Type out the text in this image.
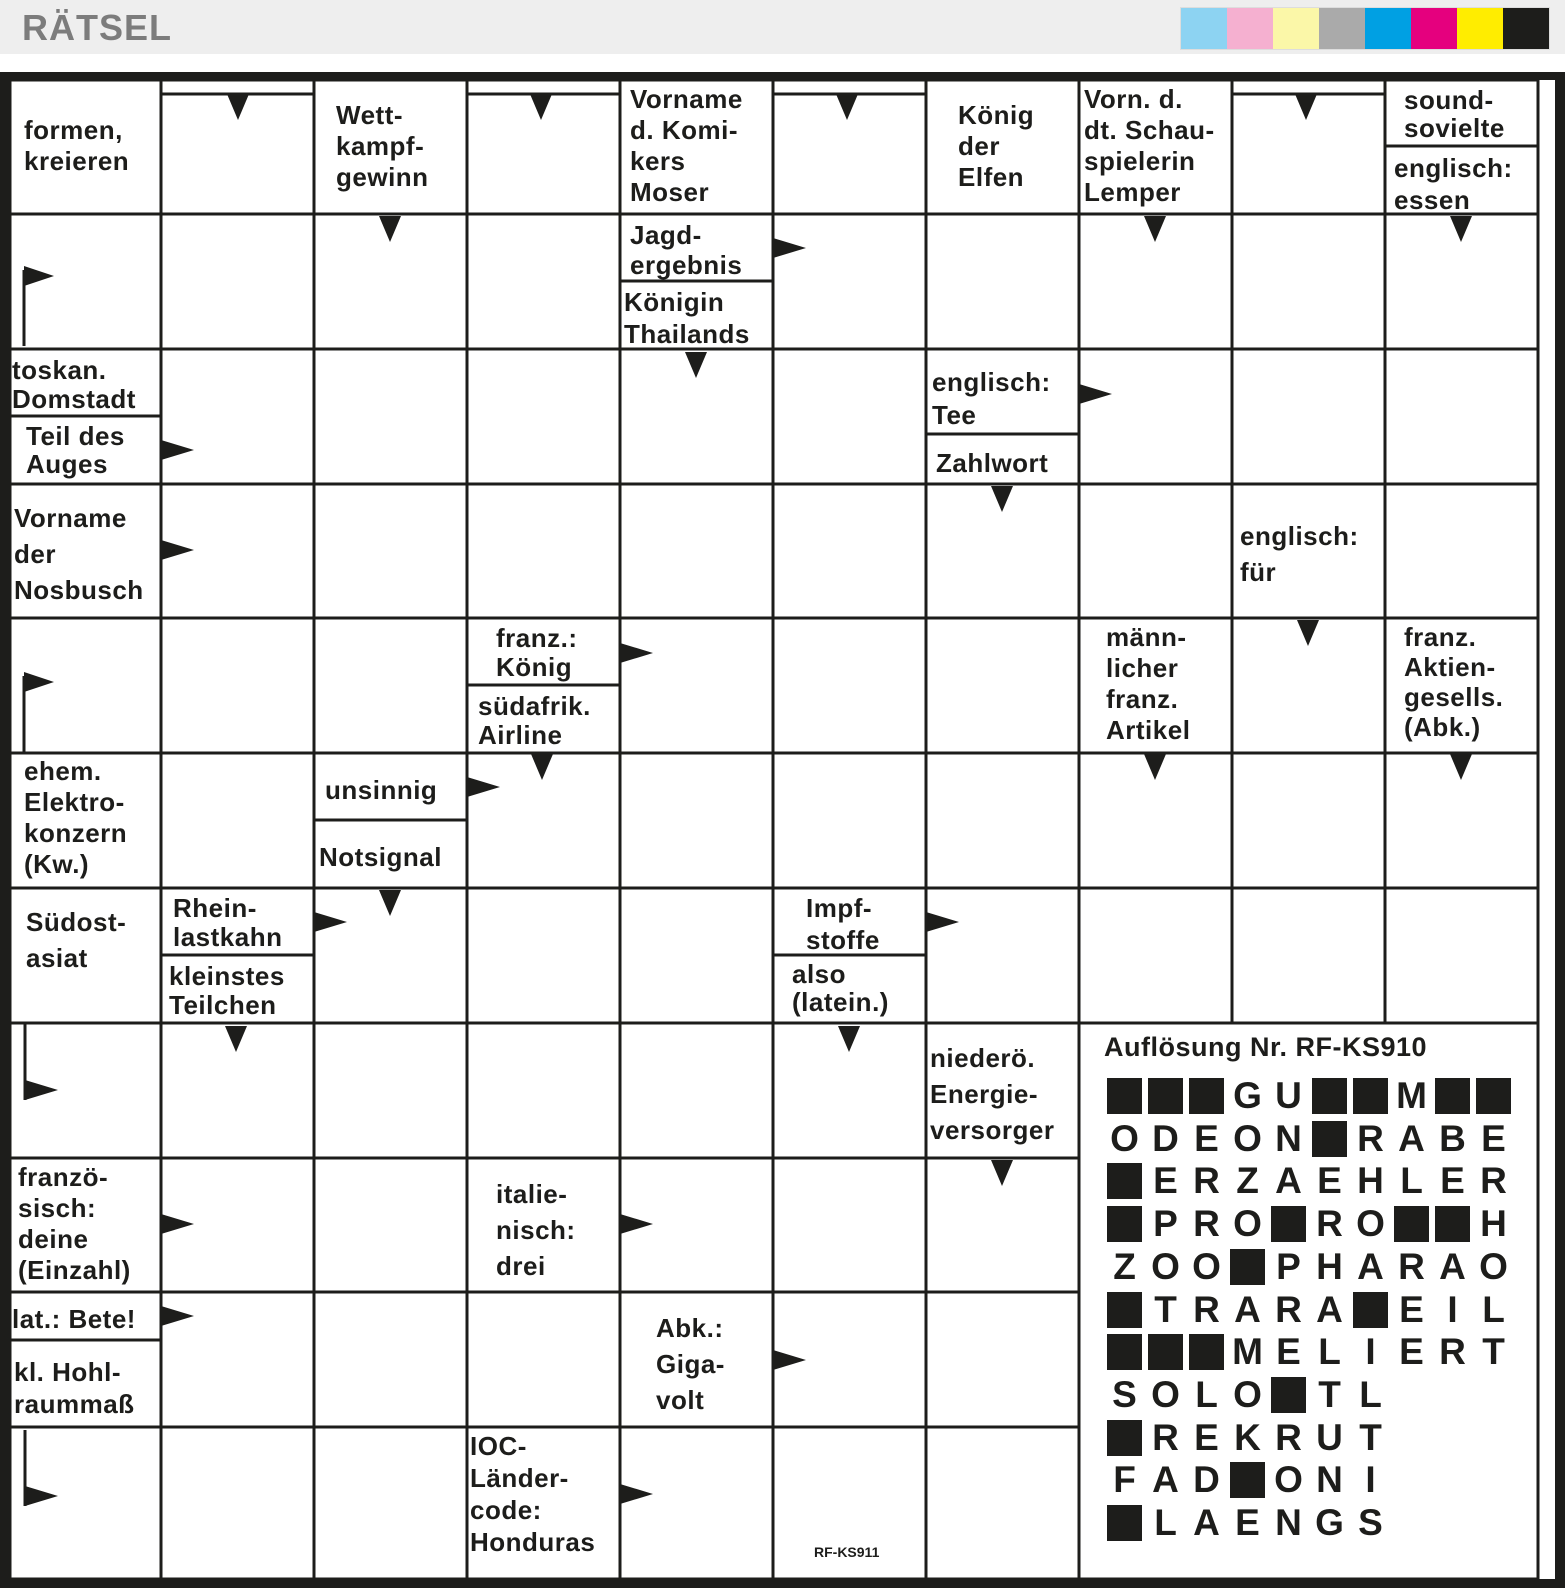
RÄTSEL
formen,
kreieren
Wett-
kampf-
gewinn
Vorname
d. Komi-
kers
Moser
König
der
Elfen
Vorn. d.
dt. Schau-
spielerin
Lemper
sound-
sovielte
englisch:
essen
Jagd-
ergebnis
Königin
Thailands
toskan.
Domstadt
Teil des
Auges
englisch:
Tee
Zahlwort
Vorname
der
Nosbusch
englisch:
für
franz.:
König
südafrik.
Airline
männ-
licher
franz.
Artikel
franz.
Aktien-
gesells.
(Abk.)
ehem.
Elektro-
konzern
(Kw.)
unsinnig
Notsignal
Südost-
asiat
Rhein-
lastkahn
kleinstes
Teilchen
Impf-
stoffe
also
(latein.)
niederö.
Energie-
versorger
franzö-
sisch:
deine
(Einzahl)
italie-
nisch:
drei
lat.: Bete!
kl. Hohl-
raummaß
Abk.:
Giga-
volt
IOC-
Länder-
code:
Honduras
Auflösung Nr. RF-KS910
G U	M
O D E O N R A B E
E R Z A E H L E R
P R O R O	H
Z O O P H A R A O
T R A R A E I L
M E L I E R T
S O L O T L
R E K R U T
F A D O N I
L A E N G S
RF-KS911
